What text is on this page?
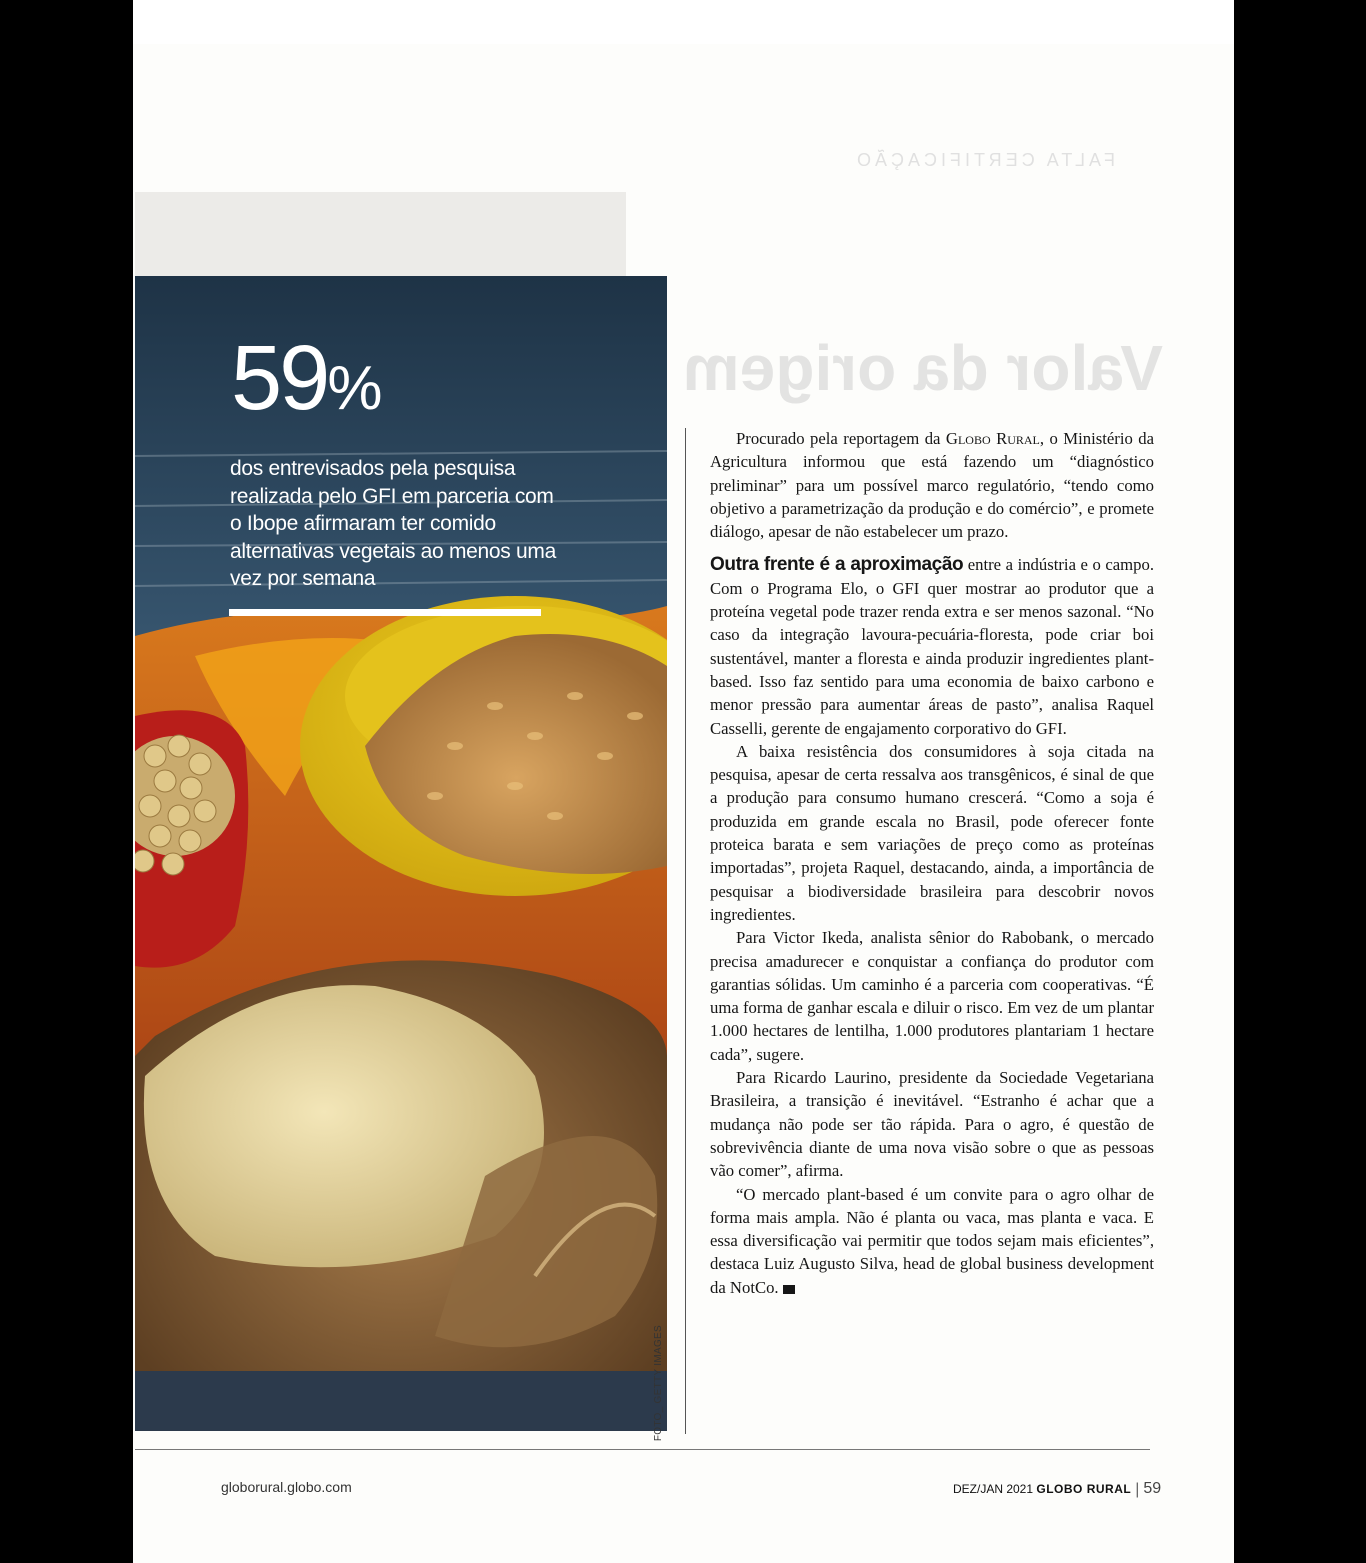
FALTA CERTIFICAÇÃO
Valor da origem
59%
dos entrevisados pela pesquisa realizada pelo GFI em parceria com o Ibope afirmaram ter comido alternativas vegetais ao menos uma vez por semana
FOTO_ GETTY IMAGES

Procurado pela reportagem da Globo Rural, o Ministério da Agricultura informou que está fazendo um “diagnóstico preliminar” para um possível marco regulatório, “tendo como objetivo a parametrização da produção e do comércio”, e promete diálogo, apesar de não estabelecer um prazo.

Outra frente é a aproximação entre a indústria e o campo. Com o Programa Elo, o GFI quer mostrar ao produtor que a proteína vegetal pode trazer renda extra e ser menos sazonal. “No caso da integração lavoura-pecuária-floresta, pode criar boi sustentável, manter a floresta e ainda produzir ingredientes plant-based. Isso faz sentido para uma economia de baixo carbono e menor pressão para aumentar áreas de pasto”, analisa Raquel Casselli, gerente de engajamento corporativo do GFI.

A baixa resistência dos consumidores à soja citada na pesquisa, apesar de certa ressalva aos transgênicos, é sinal de que a produção para consumo humano crescerá. “Como a soja é produzida em grande escala no Brasil, pode oferecer fonte proteica barata e sem variações de preço como as proteínas importadas”, projeta Raquel, destacando, ainda, a importância de pesquisar a biodiversidade brasileira para descobrir novos ingredientes.

Para Victor Ikeda, analista sênior do Rabobank, o mercado precisa amadurecer e conquistar a confiança do produtor com garantias sólidas. Um caminho é a parceria com cooperativas. “É uma forma de ganhar escala e diluir o risco. Em vez de um plantar 1.000 hectares de lentilha, 1.000 produtores plantariam 1 hectare cada”, sugere.

Para Ricardo Laurino, presidente da Sociedade Vegetariana Brasileira, a transição é inevitável. “Estranho é achar que a mudança não pode ser tão rápida. Para o agro, é questão de sobrevivência diante de uma nova visão sobre o que as pessoas vão comer”, afirma.

“O mercado plant-based é um convite para o agro olhar de forma mais ampla. Não é planta ou vaca, mas planta e vaca. E essa diversificação vai permitir que todos sejam mais eficientes”, destaca Luiz Augusto Silva, head de global business development da NotCo.

globorural.globo.com	DEZ/JAN 2021 GLOBO RURAL | 59
